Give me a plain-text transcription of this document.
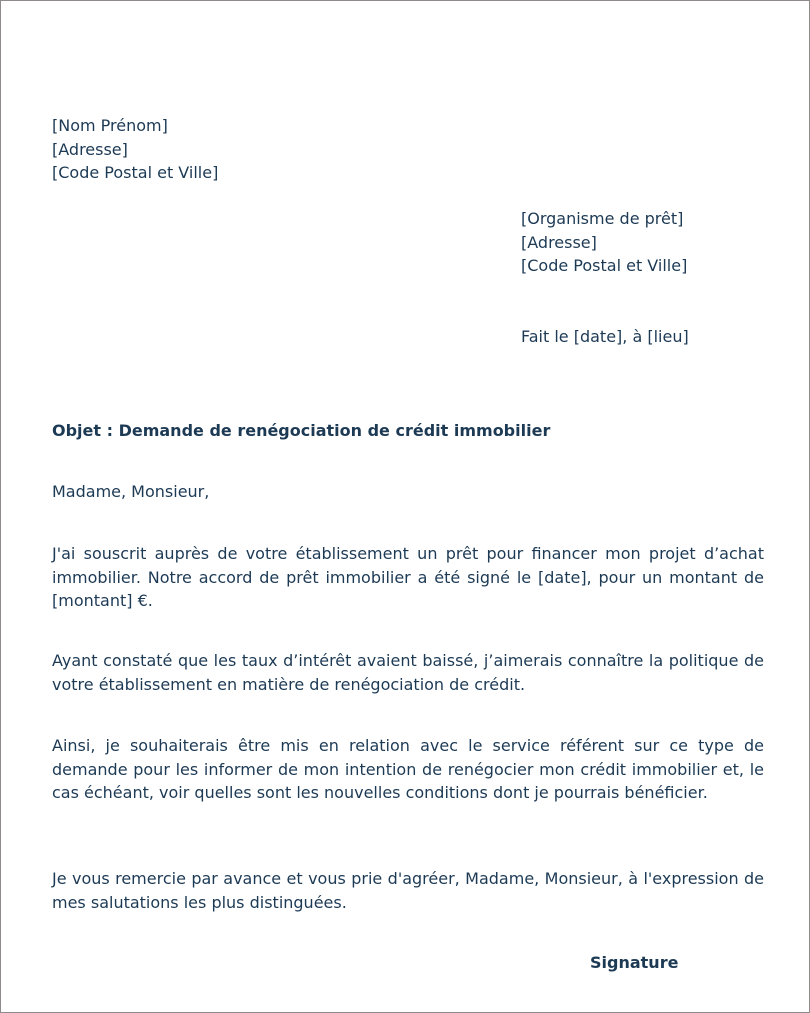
[Nom Prénom]
[Adresse]
[Code Postal et Ville]
[Organisme de prêt]
[Adresse]
[Code Postal et Ville]
Fait le [date], à [lieu]
Objet : Demande de renégociation de crédit immobilier
Madame, Monsieur,
J'ai souscrit auprès de votre établissement un prêt pour financer mon projet d’achat immobilier. Notre accord de prêt immobilier a été signé le [date], pour un montant de [montant] €.
Ayant constaté que les taux d’intérêt avaient baissé, j’aimerais connaître la politique de votre établissement en matière de renégociation de crédit.
Ainsi, je souhaiterais être mis en relation avec le service référent sur ce type de demande pour les informer de mon intention de renégocier mon crédit immobilier et, le cas échéant, voir quelles sont les nouvelles conditions dont je pourrais bénéficier.
Je vous remercie par avance et vous prie d'agréer, Madame, Monsieur, à l'expression de mes salutations les plus distinguées.
Signature
